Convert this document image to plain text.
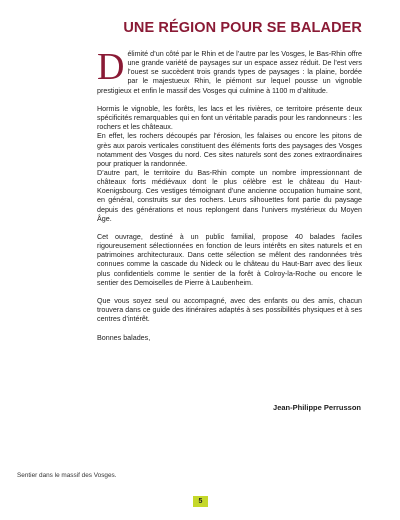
UNE RÉGION POUR SE BALADER

Délimité d’un côté par le Rhin et de l’autre par les Vosges, le Bas-Rhin offre une grande variété de paysages sur un espace assez réduit. De l’est vers l’ouest se succèdent trois grands types de paysages : la plaine, bordée par le majestueux Rhin, le piémont sur lequel pousse un vignoble prestigieux et enfin le massif des Vosges qui culmine à 1100 m d’altitude.

Hormis le vignoble, les forêts, les lacs et les rivières, ce territoire présente deux spécificités remarquables qui en font un véritable paradis pour les randonneurs : les rochers et les châteaux.

En effet, les rochers découpés par l’érosion, les falaises ou encore les pitons de grès aux parois verticales constituent des éléments forts des paysages des Vosges notamment des Vosges du nord. Ces sites naturels sont des zones extraordinaires pour pratiquer la randonnée.

D’autre part, le territoire du Bas-Rhin compte un nombre impressionnant de châteaux forts médiévaux dont le plus célèbre est le château du Haut-Koenigsbourg. Ces vestiges témoignant d’une ancienne occupation humaine sont, en général, construits sur des rochers. Leurs silhouettes font partie du paysage depuis des générations et nous replongent dans l’univers mystérieux du Moyen Âge.

Cet ouvrage, destiné à un public familial, propose 40 balades faciles rigoureusement sélectionnées en fonction de leurs intérêts en sites naturels et en patrimoines architecturaux. Dans cette sélection se mêlent des randonnées très connues comme la cascade du Nideck ou le château du Haut-Barr avec des lieux plus confidentiels comme le sentier de la forêt à Colroy-la-Roche ou encore le sentier des Demoiselles de Pierre à Laubenheim.

Que vous soyez seul ou accompagné, avec des enfants ou des amis, chacun trouvera dans ce guide des itinéraires adaptés à ses possibilités physiques et à ses centres d’intérêt.

Bonnes balades,

Jean-Philippe Perrusson
Sentier dans le massif des Vosges.
5
